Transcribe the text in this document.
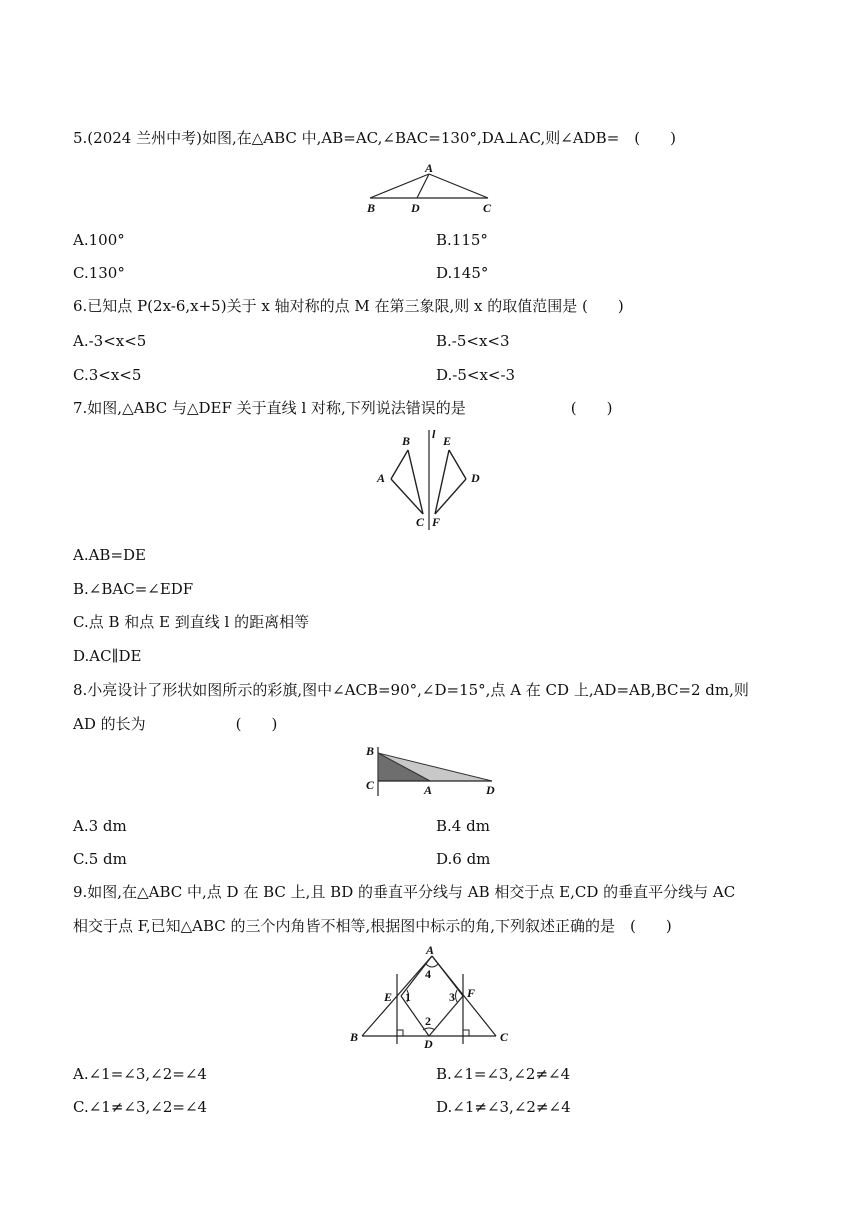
5.(2024 兰州中考)如图,在△ABC 中,AB=AC,∠BAC=130°,DA⊥AC,则∠ADB=　(　　)
A
B	D	C
A.100°	B.115°
C.130°	D.145°
6.已知点 P(2x-6,x+5)关于 x 轴对称的点 M 在第三象限,则 x 的取值范围是 (　　)
A.-3<x<5	B.-5<x<3
C.3<x<5	D.-5<x<-3
7.如图,△ABC 与△DEF 关于直线 l 对称,下列说法错误的是　　　　　　　(　　)
B
A
C
l E
D
F
A.AB=DE
B.∠BAC=∠EDF
C.点 B 和点 E 到直线 l 的距离相等
D.AC∥DE
8.小亮设计了形状如图所示的彩旗,图中∠ACB=90°,∠D=15°,点 A 在 CD 上,AD=AB,BC=2 dm,则
AD 的长为　　　　　　(　　)
B
C	A	D
A.3 dm	B.4 dm
C.5 dm	D.6 dm
9.如图,在△ABC 中,点 D 在 BC 上,且 BD 的垂直平分线与 AB 相交于点 E,CD 的垂直平分线与 AC
相交于点 F,已知△ABC 的三个内角皆不相等,根据图中标示的角,下列叙述正确的是　(　　)
A
4
E 1	3 F
2
B	D	C
A.∠1=∠3,∠2=∠4	B.∠1=∠3,∠2≠∠4
C.∠1≠∠3,∠2=∠4	D.∠1≠∠3,∠2≠∠4
